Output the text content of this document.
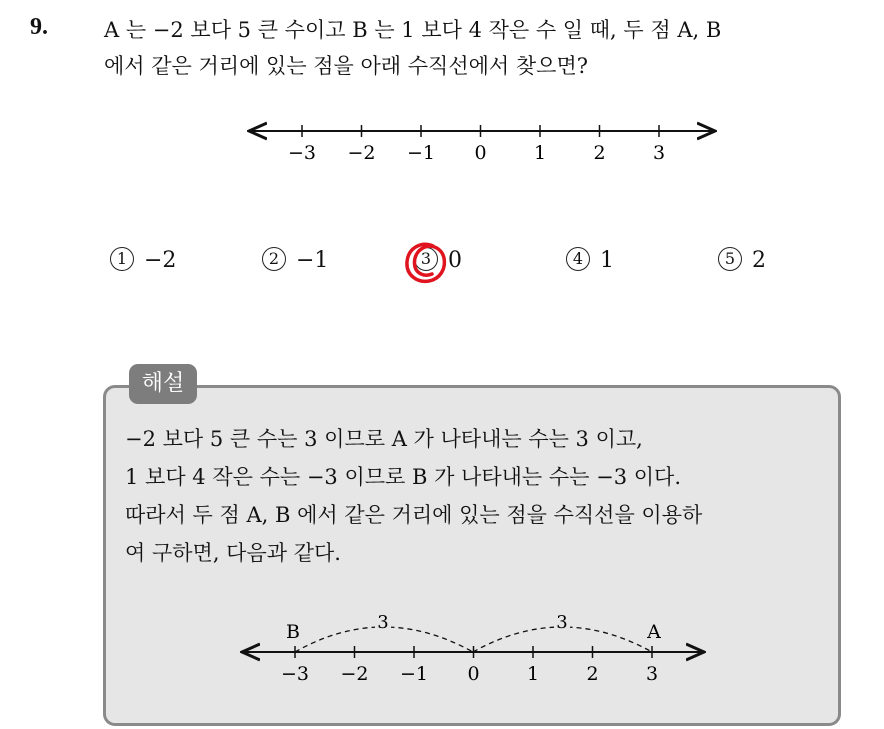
9.	A 는 −2 보다 5 큰 수이고 B 는 1 보다 4 작은 수 일 때, 두 점 A, B
에서 같은 거리에 있는 점을 아래 수직선에서 찾으면?
−3 −2 −1 0 1 2 3
1 −2	2 −1	3 0	4 1	5 2
해설
−2 보다 5 큰 수는 3 이므로 A 가 나타내는 수는 3 이고,
1 보다 4 작은 수는 −3 이므로 B 가 나타내는 수는 −3 이다.
따라서 두 점 A, B 에서 같은 거리에 있는 점을 수직선을 이용하
여 구하면, 다음과 같다.
3	3
B	A
−3 −2 −1 0 1 2 3
